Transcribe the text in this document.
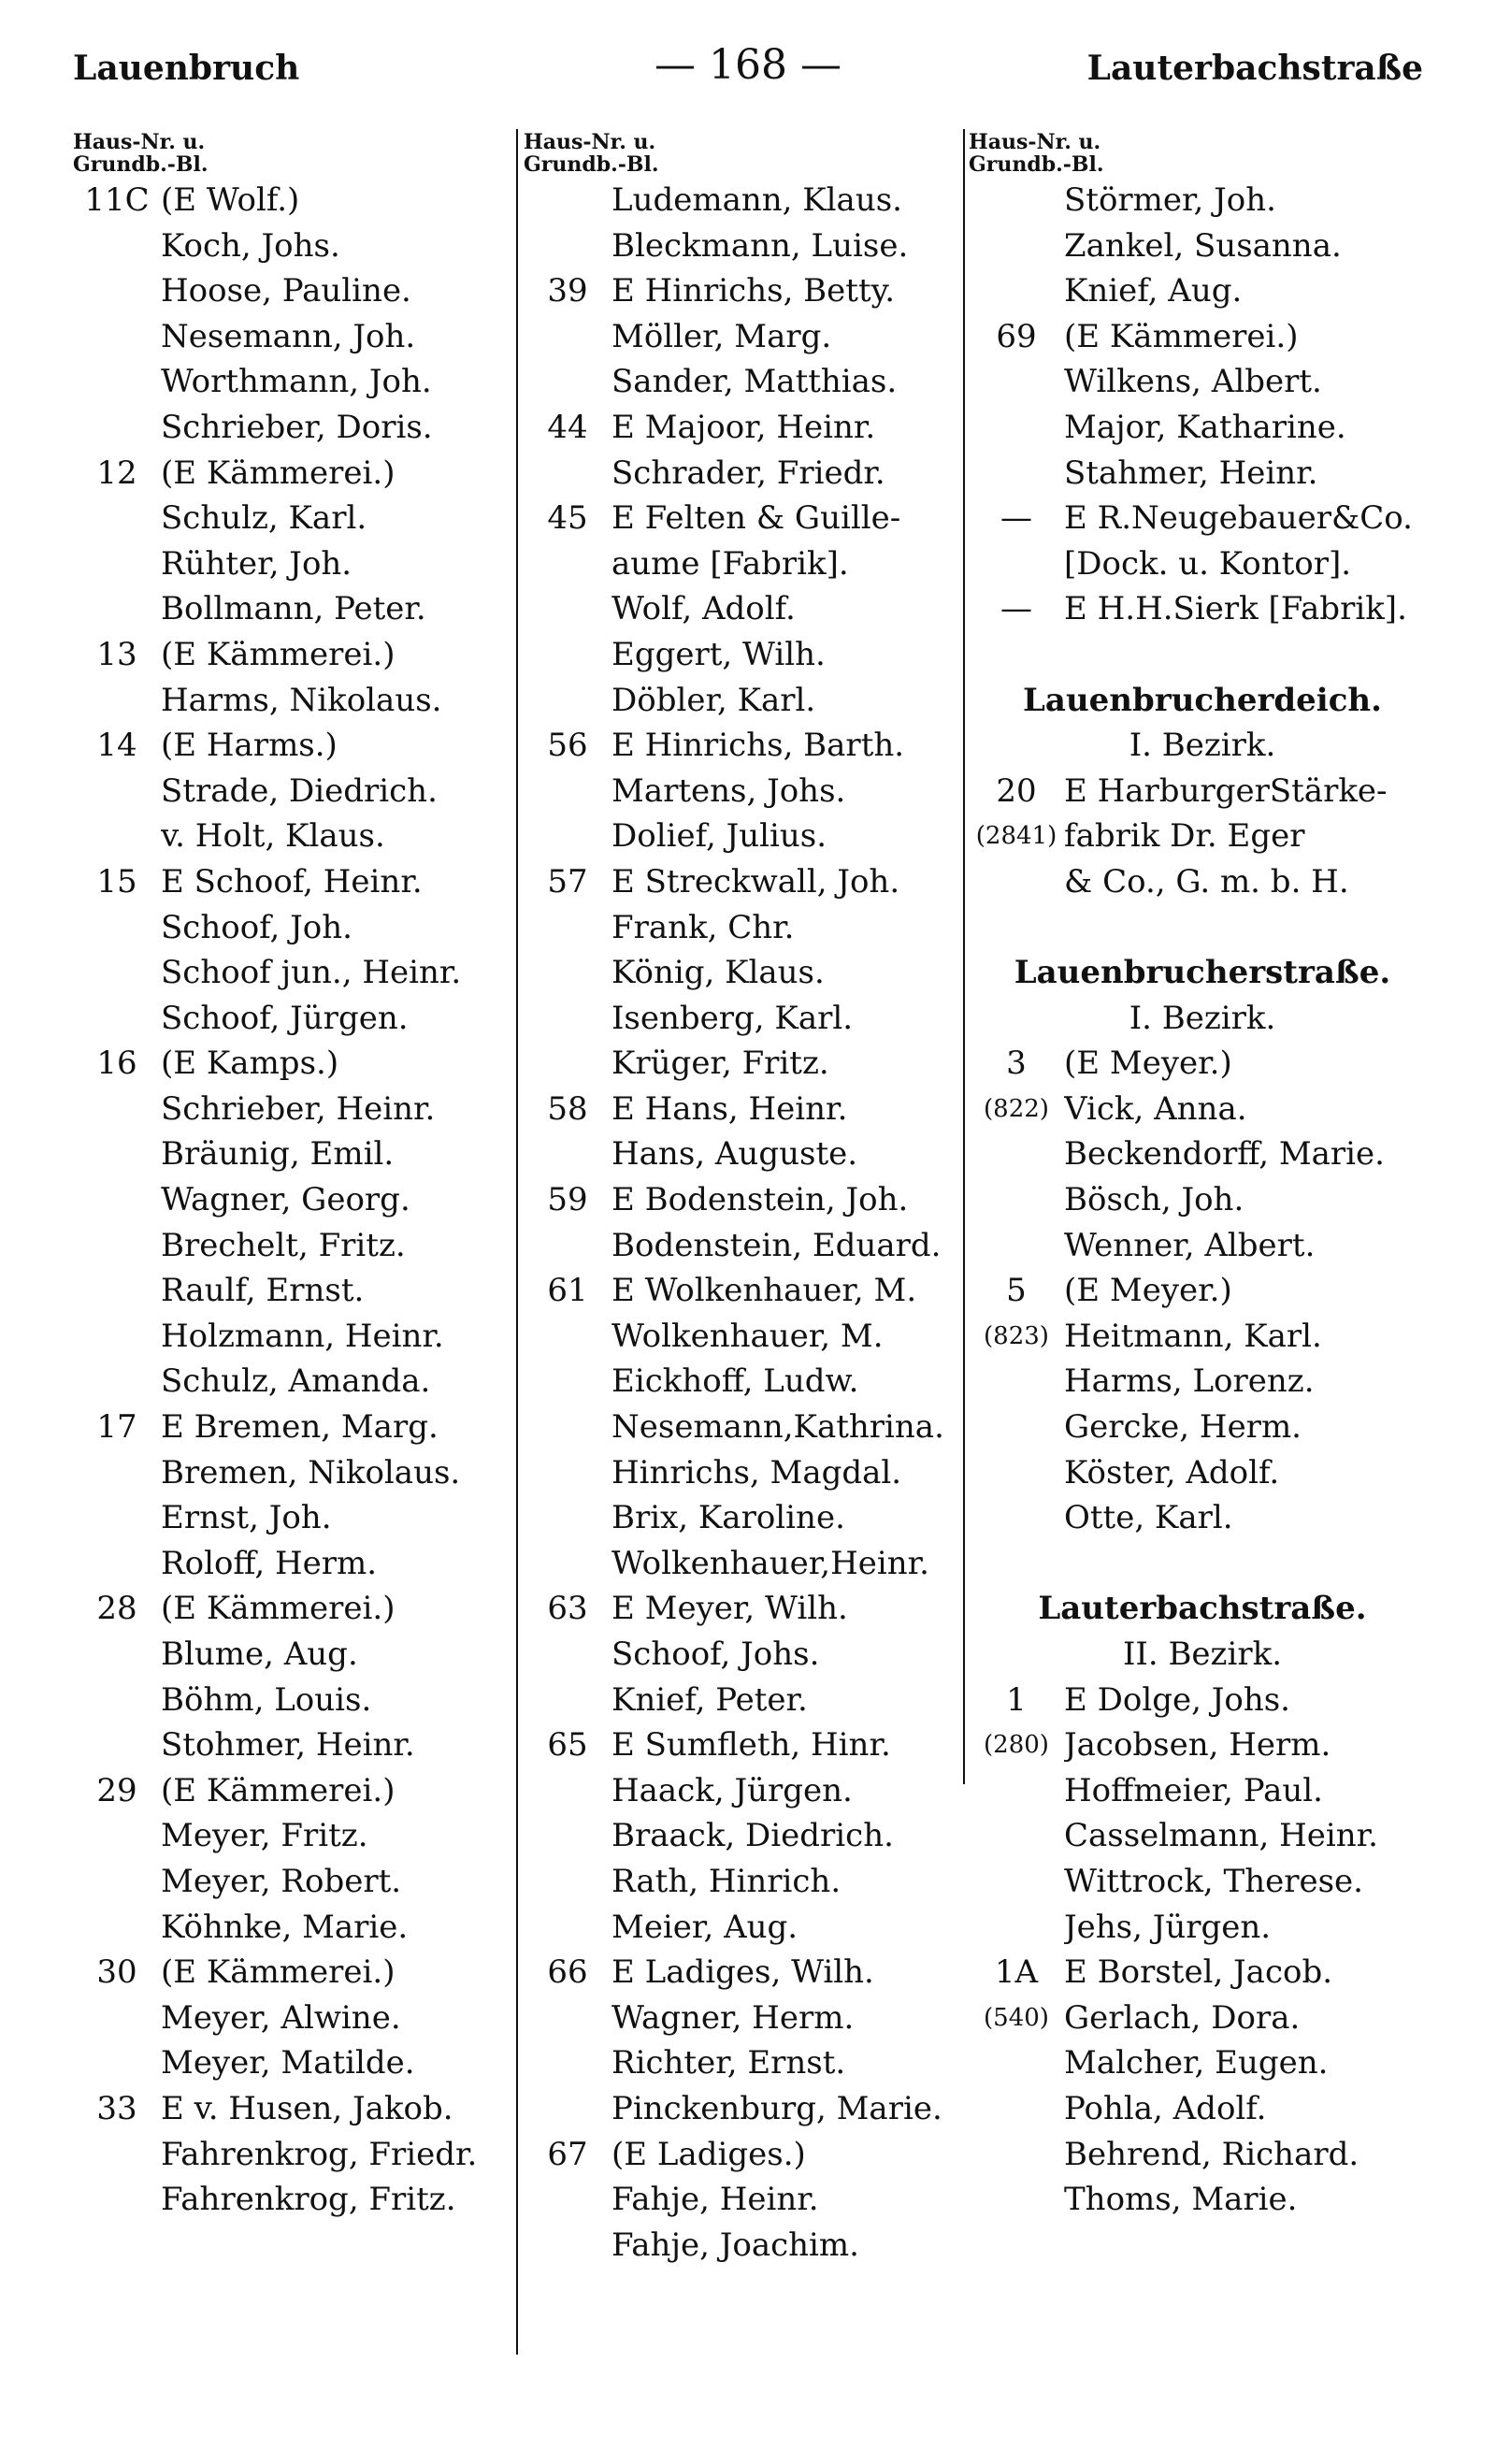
Lauenbruch	— 168 —	Lauterbachstraße
Haus-Nr. u.
Grundb.-Bl.
11C (E Wolf.)
Koch, Johs.
Hoose, Pauline.
Nesemann, Joh.
Worthmann, Joh.
Schrieber, Doris.
12 (E Kämmerei.)
Schulz, Karl.
Rühter, Joh.
Bollmann, Peter.
13 (E Kämmerei.)
Harms, Nikolaus.
14 (E Harms.)
Strade, Diedrich.
v. Holt, Klaus.
15 E Schoof, Heinr.
Schoof, Joh.
Schoof jun., Heinr.
Schoof, Jürgen.
16 (E Kamps.)
Schrieber, Heinr.
Bräunig, Emil.
Wagner, Georg.
Brechelt, Fritz.
Raulf, Ernst.
Holzmann, Heinr.
Schulz, Amanda.
17 E Bremen, Marg.
Bremen, Nikolaus.
Ernst, Joh.
Roloff, Herm.
28 (E Kämmerei.)
Blume, Aug.
Böhm, Louis.
Stohmer, Heinr.
29 (E Kämmerei.)
Meyer, Fritz.
Meyer, Robert.
Köhnke, Marie.
30 (E Kämmerei.)
Meyer, Alwine.
Meyer, Matilde.
33 E v. Husen, Jakob.
Fahrenkrog, Friedr.
Fahrenkrog, Fritz.
Haus-Nr. u.
Grundb.-Bl.
Ludemann, Klaus.
Bleckmann, Luise.
39 E Hinrichs, Betty.
Möller, Marg.
Sander, Matthias.
44 E Majoor, Heinr.
Schrader, Friedr.
45 E Felten & Guille-
aume [Fabrik].
Wolf, Adolf.
Eggert, Wilh.
Döbler, Karl.
56 E Hinrichs, Barth.
Martens, Johs.
Dolief, Julius.
57 E Streckwall, Joh.
Frank, Chr.
König, Klaus.
Isenberg, Karl.
Krüger, Fritz.
58 E Hans, Heinr.
Hans, Auguste.
59 E Bodenstein, Joh.
Bodenstein, Eduard.
61 E Wolkenhauer, M.
Wolkenhauer, M.
Eickhoff, Ludw.
Nesemann,Kathrina.
Hinrichs, Magdal.
Brix, Karoline.
Wolkenhauer,Heinr.
63 E Meyer, Wilh.
Schoof, Johs.
Knief, Peter.
65 E Sumfleth, Hinr.
Haack, Jürgen.
Braack, Diedrich.
Rath, Hinrich.
Meier, Aug.
66 E Ladiges, Wilh.
Wagner, Herm.
Richter, Ernst.
Pinckenburg, Marie.
67 (E Ladiges.)
Fahje, Heinr.
Fahje, Joachim.
Haus-Nr. u.
Grundb.-Bl.
Störmer, Joh.
Zankel, Susanna.
Knief, Aug.
69 (E Kämmerei.)
Wilkens, Albert.
Major, Katharine.
Stahmer, Heinr.
—	E R.Neugebauer&Co.
[Dock. u. Kontor].
—	E H.H.Sierk [Fabrik].
Lauenbrucherdeich.
I. Bezirk.
20 E HarburgerStärke-
(2841) fabrik Dr. Eger
& Co., G. m. b. H.
Lauenbrucherstraße.
I. Bezirk.
3	(E Meyer.)
(822) Vick, Anna.
Beckendorff, Marie.
Bösch, Joh.
Wenner, Albert.
5	(E Meyer.)
(823) Heitmann, Karl.
Harms, Lorenz.
Gercke, Herm.
Köster, Adolf.
Otte, Karl.
Lauterbachstraße.
II. Bezirk.
1	E Dolge, Johs.
(280) Jacobsen, Herm.
Hoffmeier, Paul.
Casselmann, Heinr.
Wittrock, Therese.
Jehs, Jürgen.
1A E Borstel, Jacob.
(540) Gerlach, Dora.
Malcher, Eugen.
Pohla, Adolf.
Behrend, Richard.
Thoms, Marie.
